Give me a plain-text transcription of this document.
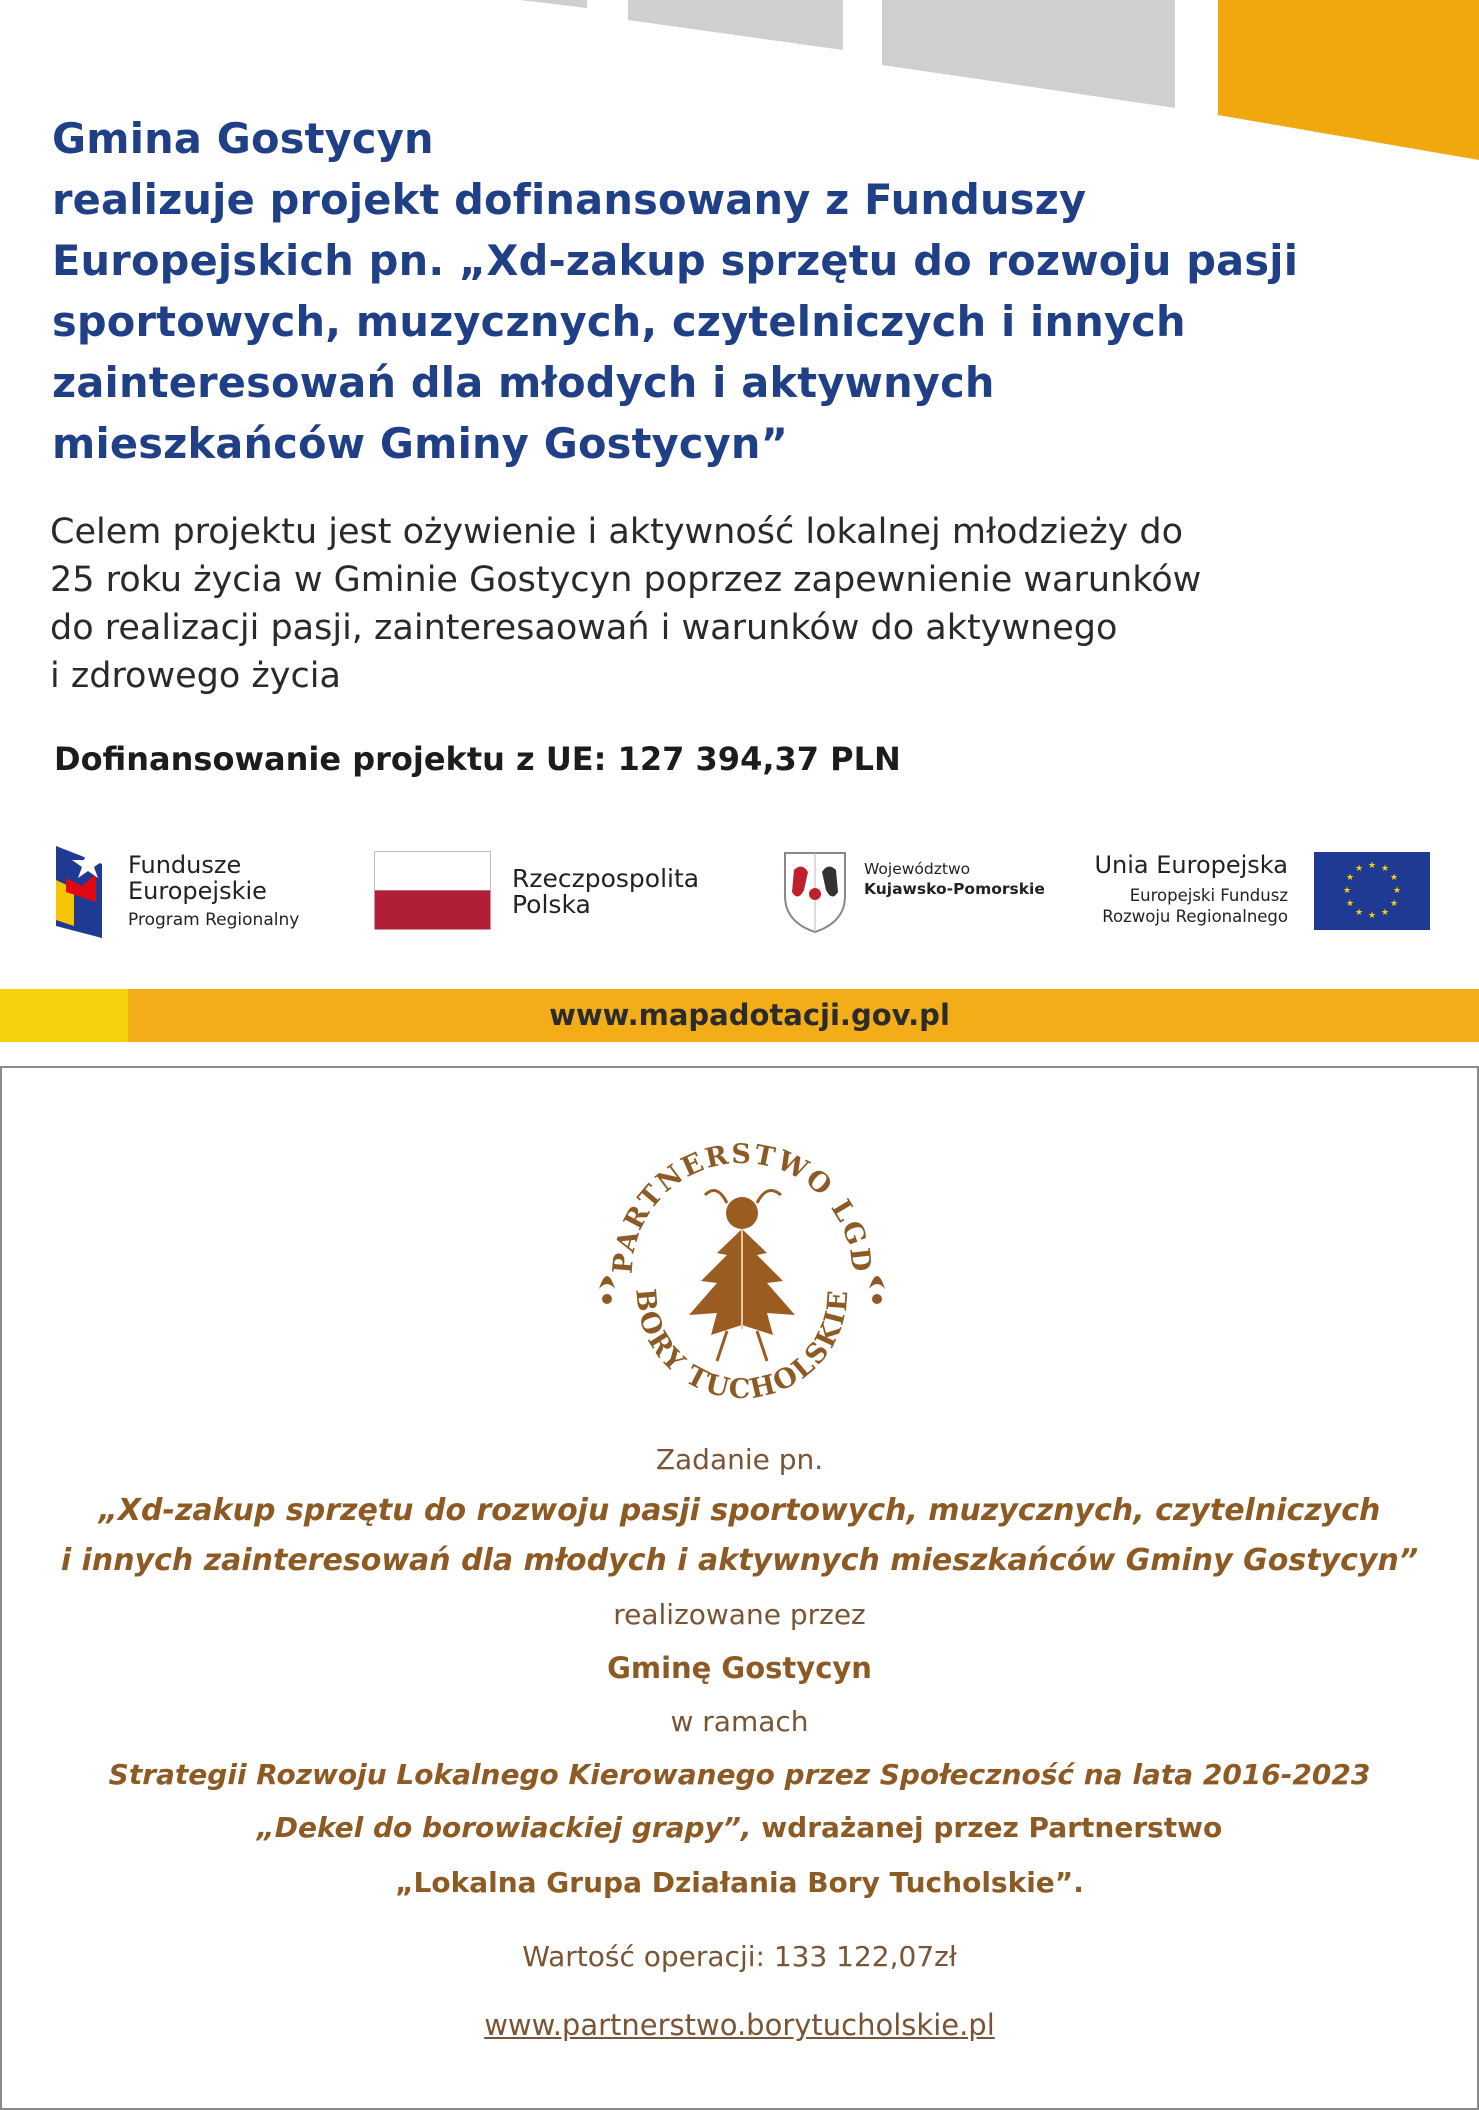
Gmina Gostycyn
realizuje projekt dofinansowany z Funduszy
Europejskich pn. „Xd-zakup sprzętu do rozwoju pasji
sportowych, muzycznych, czytelniczych i innych
zainteresowań dla młodych i aktywnych
mieszkańców Gminy Gostycyn”

Celem projektu jest ożywienie i aktywność lokalnej młodzieży do
25 roku życia w Gminie Gostycyn poprzez zapewnienie warunków
do realizacji pasji, zainteresaowań i warunków do aktywnego
i zdrowego życia

Dofinansowanie projektu z UE: 127 394,37 PLN

Fundusze
Europejskie
Program Regionalny
Rzeczpospolita
Polska
Województwo
Kujawsko-Pomorskie
Unia Europejska
Europejski Fundusz
Rozwoju Regionalnego
★ ★
★
★
★
★
★
★
★
★
★
★
www.mapadotacji.gov.pl
PARTNERSTWO LGD
BORY TUCHOLSKIE

Zadanie pn.

„Xd-zakup sprzętu do rozwoju pasji sportowych, muzycznych, czytelniczych

i innych zainteresowań dla młodych i aktywnych mieszkańców Gminy Gostycyn”

realizowane przez

Gminę Gostycyn

w ramach

Strategii Rozwoju Lokalnego Kierowanego przez Społeczność na lata 2016-2023

„Dekel do borowiackiej grapy”, wdrażanej przez Partnerstwo

„Lokalna Grupa Działania Bory Tucholskie”.

Wartość operacji: 133 122,07zł

www.partnerstwo.borytucholskie.pl
